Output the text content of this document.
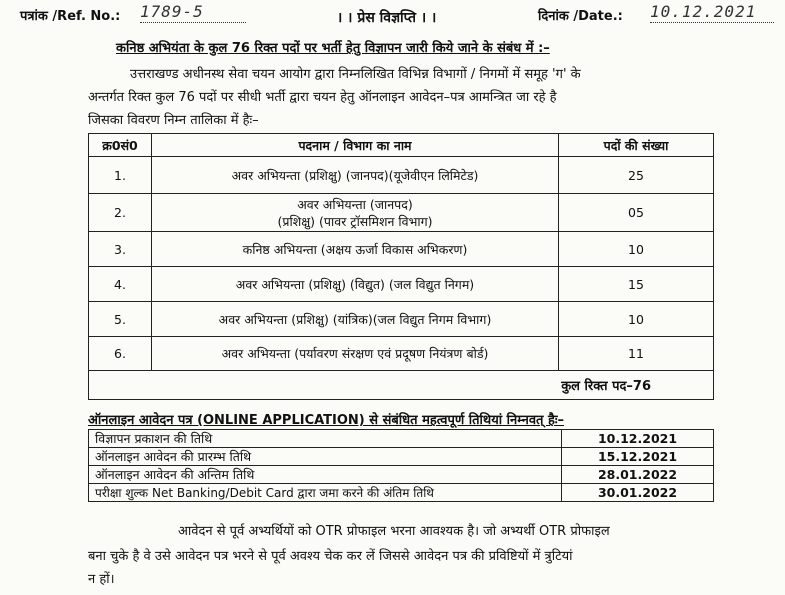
पत्रांक /Ref. No.: 1789-5	। । प्रेस विज्ञप्ति । ।	दिनांक /Date.: 10.12.2021
कनिष्ठ अभियंता के कुल 76 रिक्त पदों पर भर्ती हेतु विज्ञापन जारी किये जाने के संबंध में :–
उत्तराखण्ड अधीनस्थ सेवा चयन आयोग द्वारा निम्नलिखित विभिन्न विभागों / निगमों में समूह 'ग' के
अन्तर्गत रिक्त कुल 76 पदों पर सीधी भर्ती द्वारा चयन हेतु ऑनलाइन आवेदन–पत्र आमन्त्रित जा रहे है
जिसका विवरण निम्न तालिका में हैः–
क्र0सं0	पदनाम / विभाग का नाम	पदों की संख्या
1.	अवर अभियन्ता (प्रशिक्षु) (जानपद)(यूजेवीएन लिमिटेड)	25
2.	अवर अभियन्ता (जानपद)
(प्रशिक्षु) (पावर ट्रॉसमिशन विभाग)	05
3.	कनिष्ठ अभियन्ता (अक्षय ऊर्जा विकास अभिकरण)	10
4.	अवर अभियन्ता (प्रशिक्षु) (विद्युत) (जल विद्युत निगम)	15
5.	अवर अभियन्ता (प्रशिक्षु) (यांत्रिक)(जल विद्युत निगम विभाग)	10
6.	अवर अभियन्ता (पर्यावरण संरक्षण एवं प्रदूषण नियंत्रण बोर्ड)	11
कुल रिक्त पद–76		
ऑनलाइन आवेदन पत्र (ONLINE APPLICATION) से संबंधित महत्वपूर्ण तिथियां निम्नवत् हैः–
विज्ञापन प्रकाशन की तिथि	10.12.2021
ऑनलाइन आवेदन की प्रारम्भ तिथि	15.12.2021
ऑनलाइन आवेदन की अन्तिम तिथि	28.01.2022
परीक्षा शुल्क Net Banking/Debit Card द्वारा जमा करने की अंतिम तिथि	30.01.2022
आवेदन से पूर्व अभ्यर्थियों को OTR प्रोफाइल भरना आवश्यक है। जो अभ्यर्थी OTR प्रोफाइल
बना चुके है वे उसे आवेदन पत्र भरने से पूर्व अवश्य चेक कर लें जिससे आवेदन पत्र की प्रविष्टियों में त्रुटियां
न हों।
